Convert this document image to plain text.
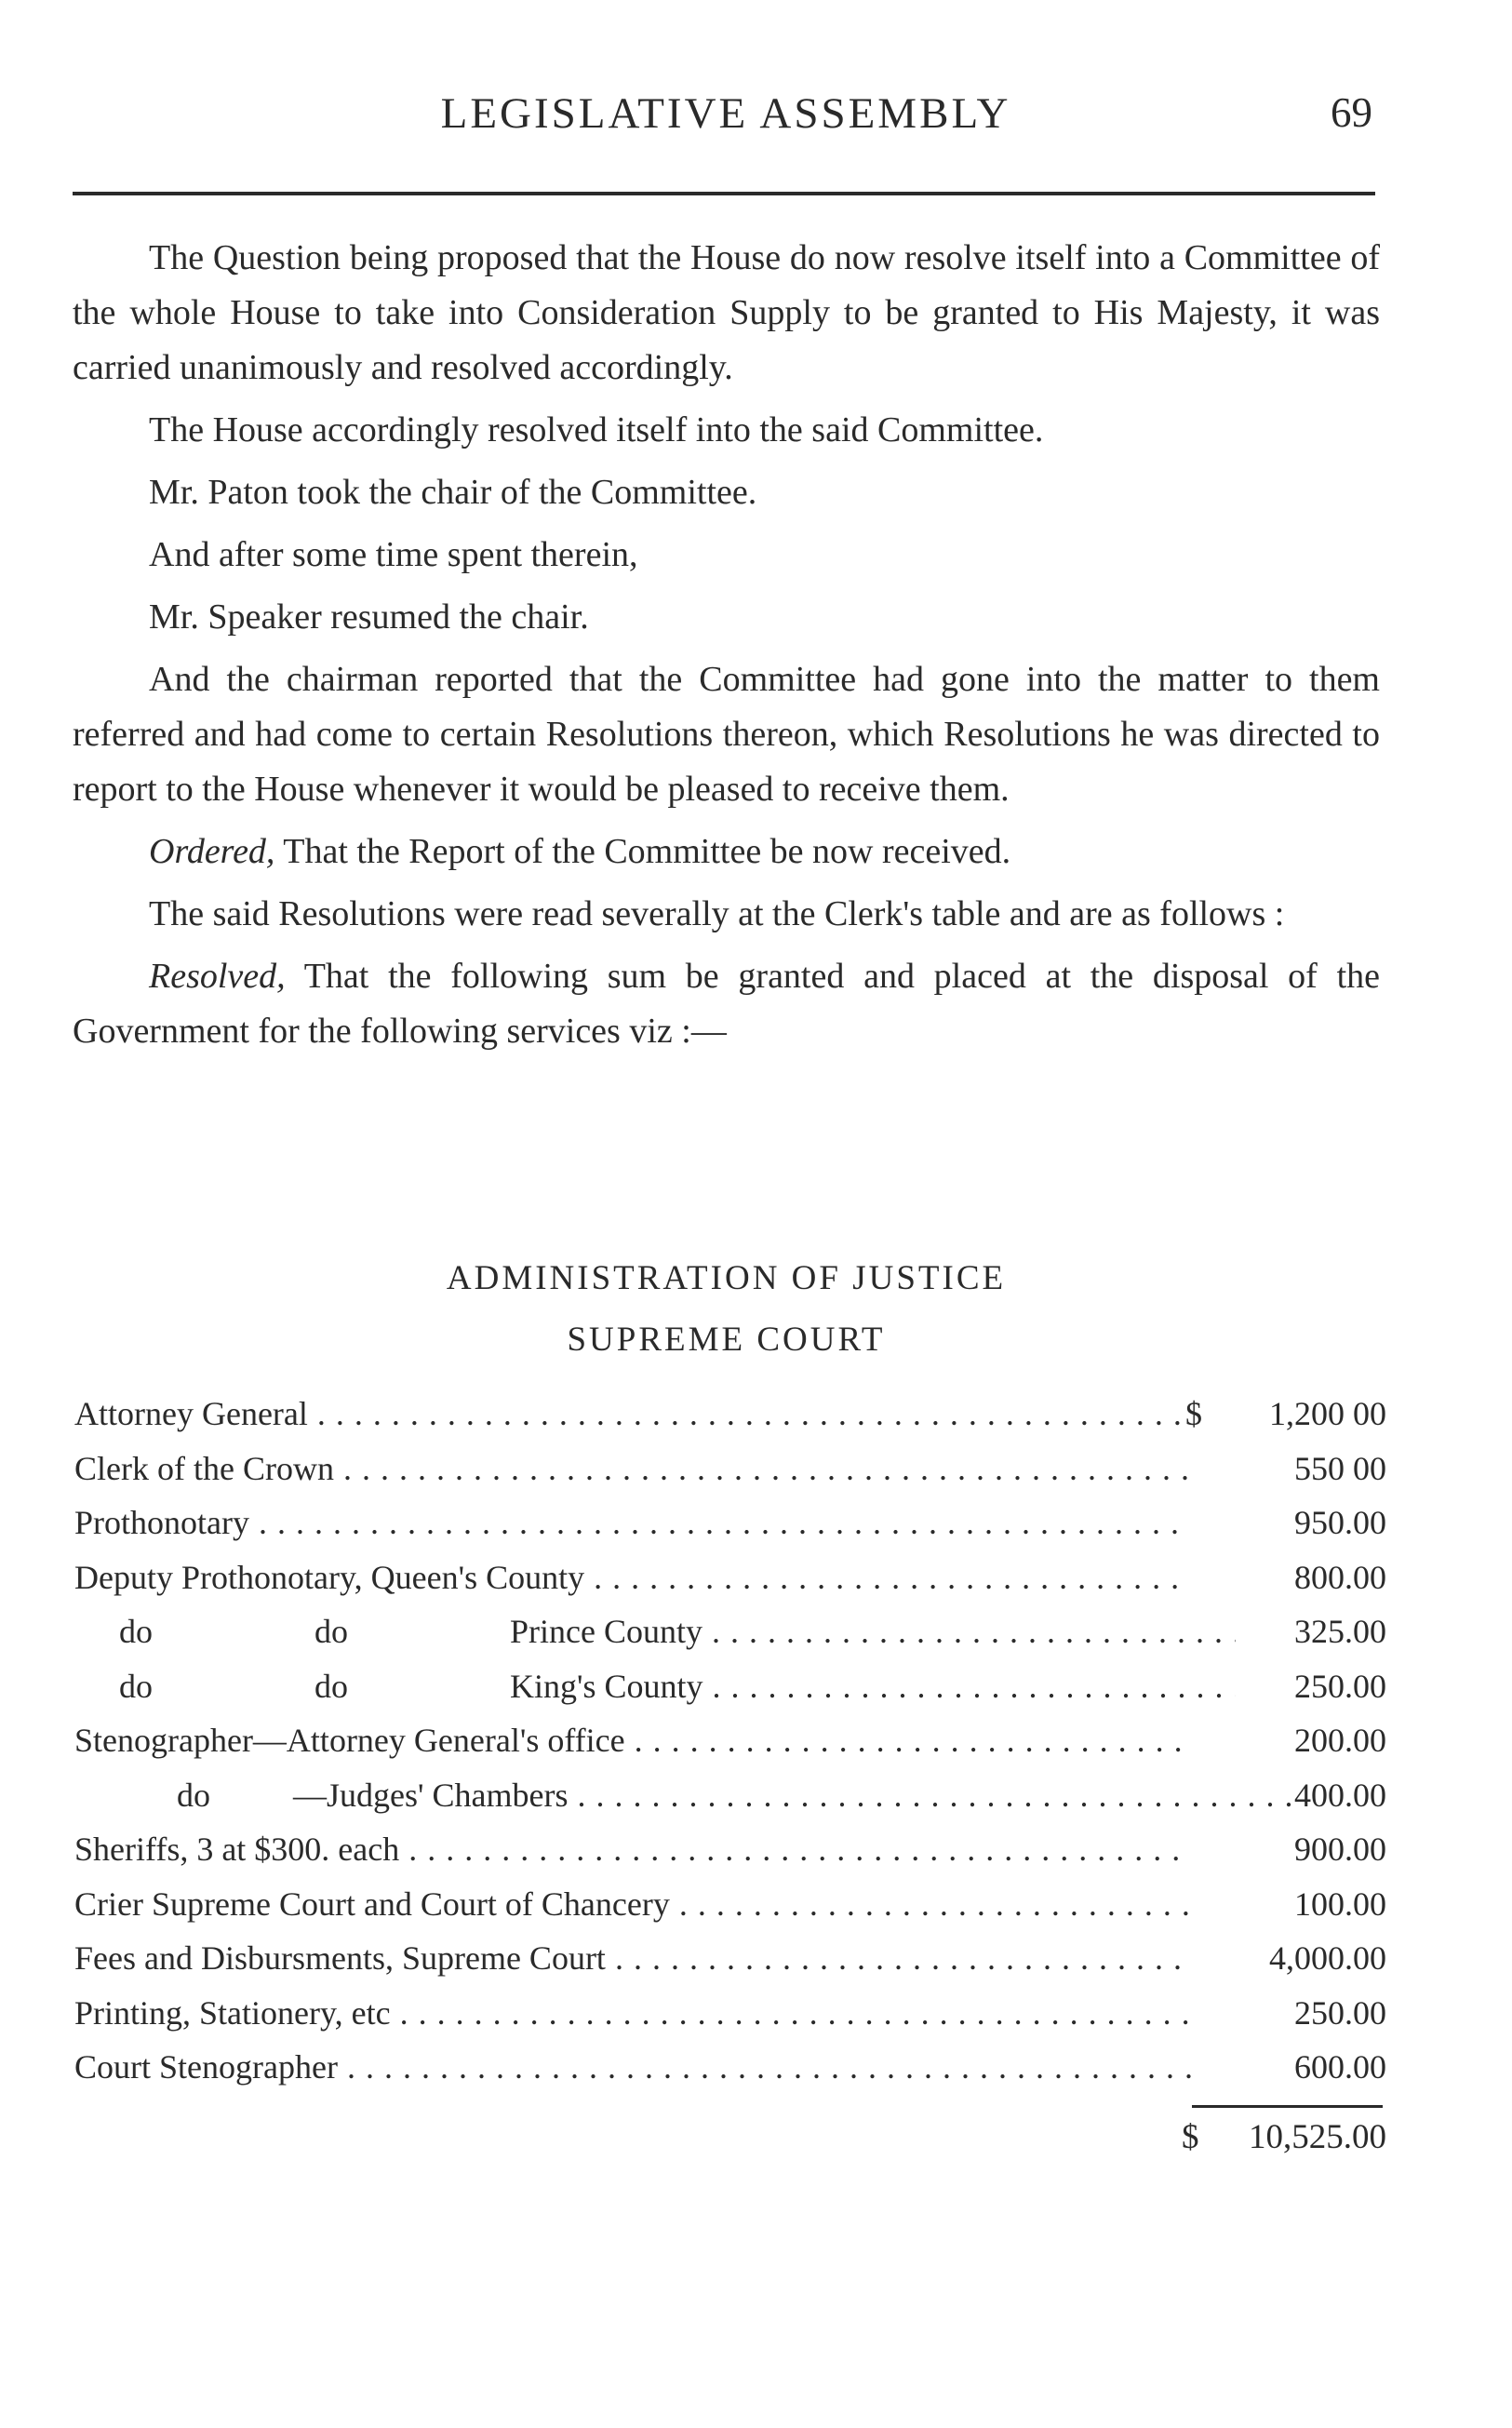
LEGISLATIVE ASSEMBLY	69

The Question being proposed that the House do now resolve itself into a Committee of the whole House to take into Consideration Supply to be granted to His Majesty, it was carried unanimously and resolved accordingly.

The House accordingly resolved itself into the said Committee.

Mr. Paton took the chair of the Committee.

And after some time spent therein,

Mr. Speaker resumed the chair.

And the chairman reported that the Committee had gone into the matter to them referred and had come to certain Resolutions thereon, which Resolutions he was directed to report to the House whenever it would be pleased to receive them.

Ordered, That the Report of the Committee be now received.

The said Resolutions were read severally at the Clerk's table and are as follows :

Resolved, That the following sum be granted and placed at the disposal of the Government for the following services viz :—

ADMINISTRATION OF JUSTICE
SUPREME COURT
Attorney General . . .	$	1,200 00
Clerk of the Crown . . .	550 00
Prothonotary . . .	950.00
Deputy Prothonotary, Queen's County . . .	800.00
do	do	Prince County . . .	325.00
do	do	King's County . . .	250.00
Stenographer—Attorney General's office . . .	200.00
do —Judges' Chambers . . .	400.00
Sheriffs, 3 at $300. each . . .	900.00
Crier Supreme Court and Court of Chancery . . .	100.00
Fees and Disbursments, Supreme Court . . .	4,000.00
Printing, Stationery, etc . . .	250.00
Court Stenographer . . .	600.00
$ 10,525.00
